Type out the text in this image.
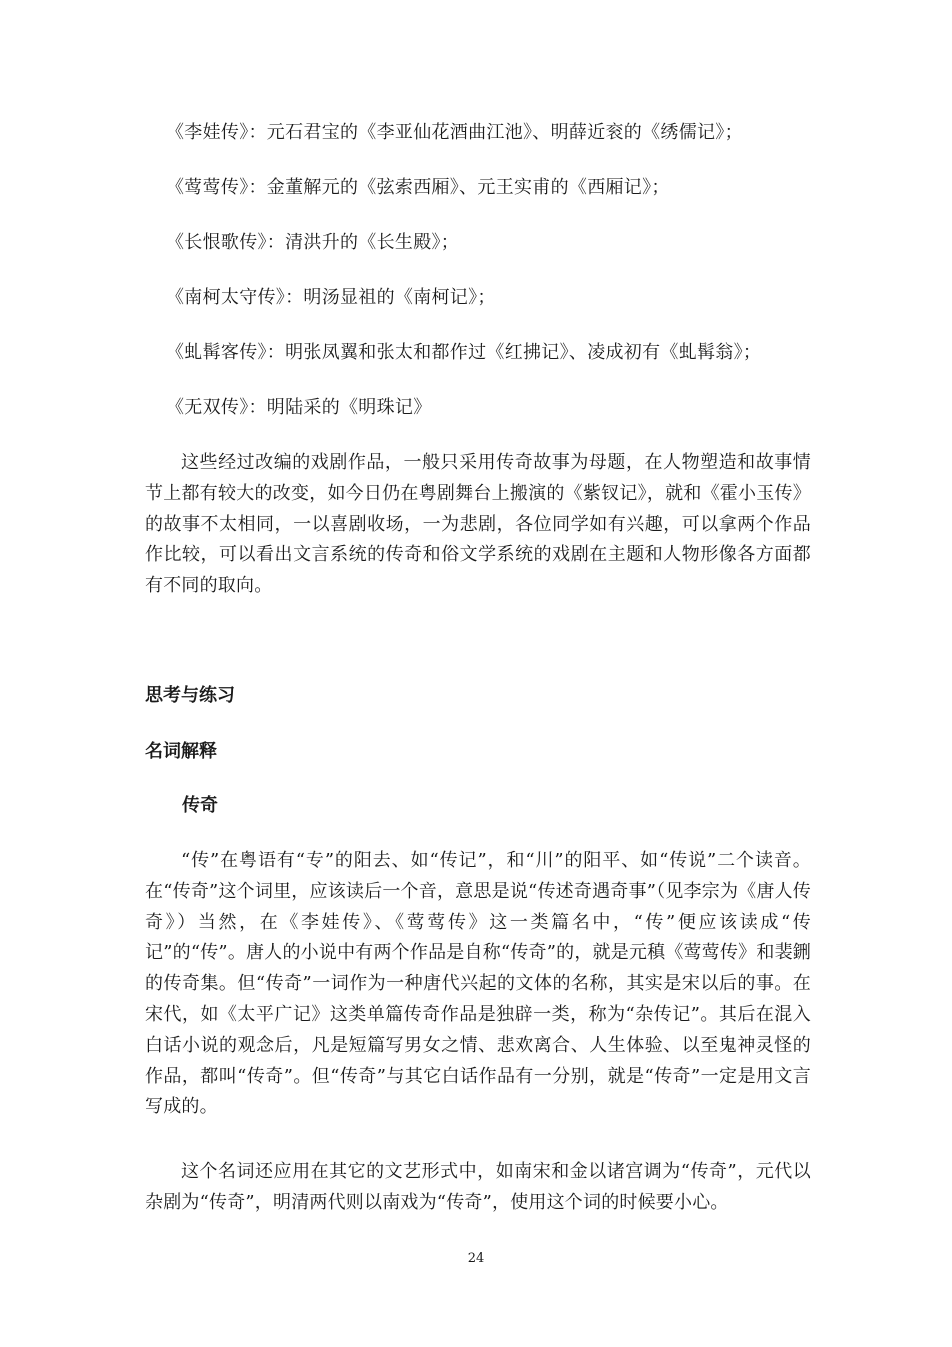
《李娃传》：元石君宝的《李亚仙花酒曲江池》、明薛近衮的《绣儒记》；
《莺莺传》：金董解元的《弦索西厢》、元王实甫的《西厢记》；
《长恨歌传》：清洪升的《长生殿》；
《南柯太守传》：明汤显祖的《南柯记》；
《虬髯客传》：明张凤翼和张太和都作过《红拂记》、凌成初有《虬髯翁》；
《无双传》：明陆采的《明珠记》
这些经过改编的戏剧作品，一般只采用传奇故事为母题，在人物塑造和故事情节上都有较大的改变，如今日仍在粤剧舞台上搬演的《紫钗记》，就和《霍小玉传》的故事不太相同，一以喜剧收场，一为悲剧，各位同学如有兴趣，可以拿两个作品作比较，可以看出文言系统的传奇和俗文学系统的戏剧在主题和人物形像各方面都有不同的取向。
思考与练习
名词解释
传奇
“传”在粤语有“专”的阳去、如“传记”，和“川”的阳平、如“传说”二个读音。在“传奇”这个词里，应该读后一个音，意思是说“传述奇遇奇事”（见李宗为《唐人传奇》）当然，在《李娃传》、《莺莺传》这一类篇名中，“传”便应该读成“传记”的“传”。唐人的小说中有两个作品是自称“传奇”的，就是元稹《莺莺传》和裴鉶的传奇集。但“传奇”一词作为一种唐代兴起的文体的名称，其实是宋以后的事。在宋代，如《太平广记》这类单篇传奇作品是独辟一类，称为“杂传记”。其后在混入白话小说的观念后，凡是短篇写男女之情、悲欢离合、人生体验、以至鬼神灵怪的作品，都叫“传奇”。但“传奇”与其它白话作品有一分别，就是“传奇”一定是用文言写成的。
这个名词还应用在其它的文艺形式中，如南宋和金以诸宫调为“传奇”，元代以杂剧为“传奇”，明清两代则以南戏为“传奇”，使用这个词的时候要小心。
24
